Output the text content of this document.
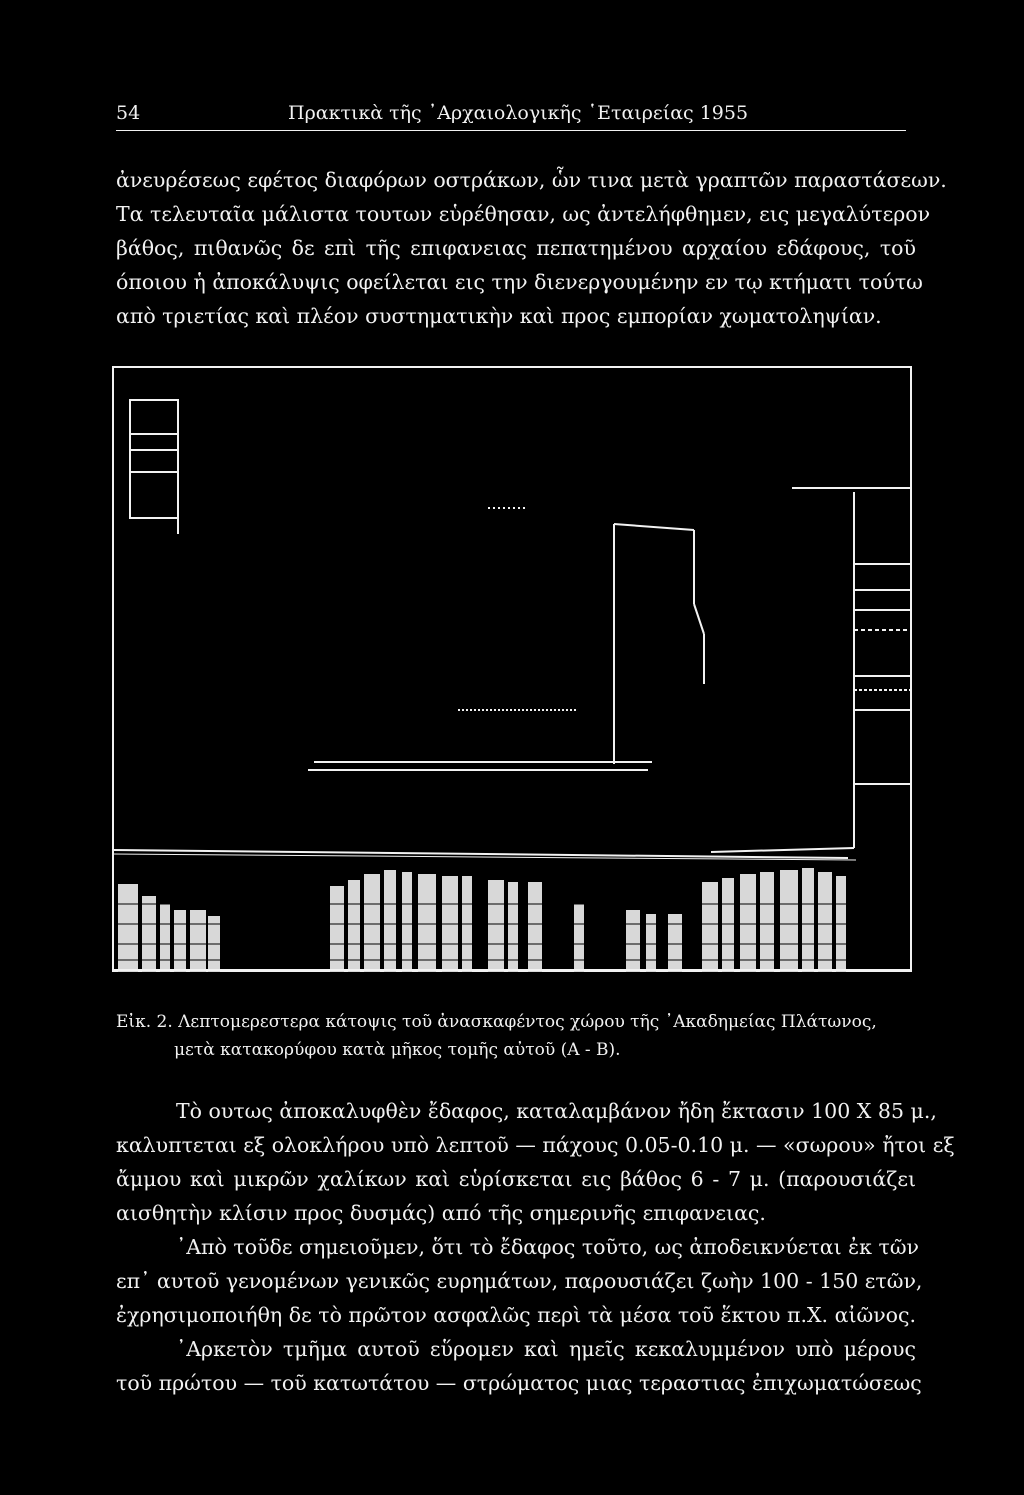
54	Πρακτικὰ τῆς ᾿Αρχαιολογικῆς ῾Εταιρείας 1955
ἀνευρέσεως εφέτος διαφόρων οστράκων, ὧν τινα μετὰ γραπτῶν παραστάσεων.
Τα τελευταῖα μάλιστα τουτων εὑρέθησαν, ως ἀντελήφθημεν, εις μεγαλύτερον
βάθος, πιθανῶς δε επὶ τῆς επιφανειας πεπατημένου αρχαίου εδάφους, τοῦ
όποιου ἡ ἀποκάλυψις οφείλεται εις την διενεργουμένην εν τῳ κτήματι τούτω
απὸ τριετίας καὶ πλέον συστηματικὴν καὶ προς εμπορίαν χωματοληψίαν.
Εἰκ. 2. Λεπτομερεστερα κάτοψις τοῦ ἀνασκαφέντος χώρου τῆς ᾿Ακαδημείας Πλάτωνος,
μετὰ κατακορύφου κατὰ μῆκος τομῆς αὐτοῦ (Α - Β).
Τὸ ουτως ἀποκαλυφθὲν ἔδαφος, καταλαμβάνον ἤδη ἔκτασιν 100 Χ 85 μ.,
καλυπτεται εξ ολοκλήρου υπὸ λεπτοῦ — πάχους 0.05-0.10 μ. — «σωρου» ἤτοι εξ
ἄμμου καὶ μικρῶν χαλίκων καὶ εὑρίσκεται εις βάθος 6 - 7 μ. (παρουσιάζει
αισθητὴν κλίσιν προς δυσμάς) από τῆς σημερινῆς επιφανειας.
᾿Απὸ τοῦδε σημειοῦμεν, ὅτι τὸ ἔδαφος τοῦτο, ως ἀποδεικνύεται ἐκ τῶν
επ᾿ αυτοῦ γενομένων γενικῶς ευρημάτων, παρουσιάζει ζωὴν 100 - 150 ετῶν,
ἐχρησιμοποιήθη δε τὸ πρῶτον ασφαλῶς περὶ τὰ μέσα τοῦ ἕκτου π.Χ. αἰῶνος.
᾿Αρκετὸν τμῆμα αυτοῦ εὕρομεν καὶ ημεῖς κεκαλυμμένον υπὸ μέρους
τοῦ πρώτου — τοῦ κατωτάτου — στρώματος μιας τεραστιας ἐπιχωματώσεως
